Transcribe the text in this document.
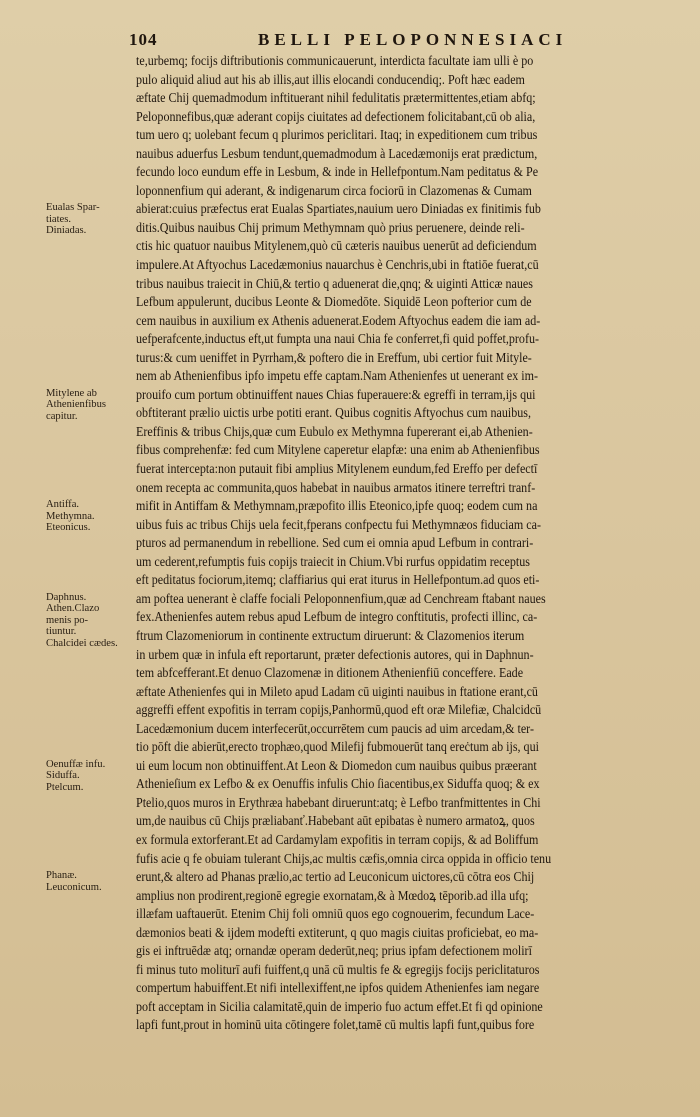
104	BELLI PELOPONNESIACI
Eualas Spar-
tiates.
Diniadas.
Mitylene ab
Athenienfibus
capitur.
Antiffa.
Methymna.
Eteonicus.
Daphnus.
Athen.Clazo
menis po-
tiuntur.
Chalcidei cædes.
Oenuffæ infu.
Siduffa.
Ptelcum.
Phanæ.
Leuconicum.
te,urbemq; focijs diftributionis communicauerunt, interdicta facultate iam ulli è po
pulo aliquid aliud aut his ab illis,aut illis elocandi conducendiq;. Poft hæc eadem
æftate Chij quemadmodum inftituerant nihil fedulitatis prætermittentes,etiam abfq;
Peloponnefibus,quæ aderant copijs ciuitates ad defectionem folicitabant,cū ob alia,
tum uero q; uolebant fecum q plurimos periclitari. Itaq; in expeditionem cum tribus
nauibus aduerfus Lesbum tendunt,quemadmodum à Lacedæmonijs erat prædictum,
fecundo loco eundum effe in Lesbum, & inde in Hellefpontum.Nam peditatus & Pe
loponnenfium qui aderant, & indigenarum circa fociorū in Clazomenas & Cumam
abierat:cuius præfectus erat Eualas Spartiates,nauium uero Diniadas ex finitimis fub
ditis.Quibus nauibus Chij primum Methymnam quò prius peruenere, deinde reli-
ctis hic quatuor nauibus Mitylenem,quò cū cæteris nauibus uenerūt ad deficiendum
impulere.At Aftyochus Lacedæmonius nauarchus è Cenchris,ubi in ftatiōe fuerat,cū
tribus nauibus traiecit in Chiū,& tertio q aduenerat die,qnq; & uiginti Atticæ naues
Lefbum appulerunt, ducibus Leonte & Diomedōte. Siquidē Leon pofterior cum de
cem nauibus in auxilium ex Athenis aduenerat.Eodem Aftyochus eadem die iam ad-
uefperafcente,inductus eft,ut fumpta una naui Chia fe conferret,fi quid poffet,profu-
turus:& cum ueniffet in Pyrrham,& poftero die in Ereffum, ubi certior fuit Mityle-
nem ab Athenienfibus ipfo impetu effe captam.Nam Athenienfes ut uenerant ex im-
prouifo cum portum obtinuiffent naues Chias fuperauere:& egreffi in terram,ijs qui
obftiterant prælio uictis urbe potiti erant. Quibus cognitis Aftyochus cum nauibus,
Ereffinis & tribus Chijs,quæ cum Eubulo ex Methymna fupererant ei,ab Athenien-
fibus comprehenfæ: fed cum Mitylene caperetur elapfæ: una enim ab Athenienfibus
fuerat intercepta:non putauit fibi amplius Mitylenem eundum,fed Ereffo per defectī
onem recepta ac communita,quos habebat in nauibus armatos itinere terreftri tranf-
mifit in Antiffam & Methymnam,præpofito illis Eteonico,ipfe quoq; eodem cum na
uibus fuis ac tribus Chijs uela fecit,fperans confpectu fui Methymnæos fiduciam ca-
pturos ad permanendum in rebellione. Sed cum ei omnia apud Lefbum in contrari-
um cederent,refumptis fuis copijs traiecit in Chium.Vbi rurfus oppidatim receptus
eft peditatus fociorum,itemq; claffiarius qui erat iturus in Hellefpontum.ad quos eti-
am poftea uenerant è claffe fociali Peloponnenfium,quæ ad Cenchream ftabant naues
fex.Athenienfes autem rebus apud Lefbum de integro conftitutis, profecti illinc, ca-
ftrum Clazomeniorum in continente extructum diruerunt: & Clazomenios iterum
in urbem quæ in infula eft reportarunt, præter defectionis autores, qui in Daphnun-
tem abfcefferant.Et denuo Clazomenæ in ditionem Athenienfiū conceffere. Eade
æftate Athenienfes qui in Mileto apud Ladam cū uiginti nauibus in ftatione erant,cū
aggreffi effent expofitis in terram copijs,Panhormū,quod eft oræ Milefiæ, Chalcidcū
Lacedæmonium ducem interfecerūt,occurrētem cum paucis ad uim arcedam,& ter-
tio pōft die abierūt,erecto trophæo,quod Milefij fubmouerūt tanq ereċtum ab ijs, qui
ui eum locum non obtinuiffent.At Leon & Diomedon cum nauibus quibus præerant
Athenieſium ex Lefbo & ex Oenuffis infulis Chio ſiacentibus,ex Siduffa quoq; & ex
Ptelio,quos muros in Erythræa habebant diruerunt:atq; è Lefbo tranfmittentes in Chi
um,de nauibus cū Chijs præliabanť.Habebant aūt epibatas è numero armatoꝝ, quos
ex formula extorferant.Et ad Cardamylam expofitis in terram copijs, & ad Boliffum
fufis acie q fe obuiam tulerant Chijs,ac multis cæfis,omnia circa oppida in officio tenu
erunt,& altero ad Phanas prælio,ac tertio ad Leuconicum uictores,cū cōtra eos Chij
amplius non prodirent,regionē egregie exornatam,& à Mœdoꝝ tēporib.ad illa ufq;
illæfam uaftauerūt. Etenim Chij foli omniū quos ego cognouerim, fecundum Lace-
dæmonios beati & ijdem modefti extiterunt, q quo magis ciuitas proficiebat, eo ma-
gis ei inftruēdæ atq; ornandæ operam dederūt,neq; prius ipfam defectionem molirī
fi minus tuto moliturī aufi fuiffent,q unā cū multis fe & egregijs focijs periclitaturos
compertum habuiffent.Et nifi intellexiffent,ne ipfos quidem Athenienfes iam negare
poft acceptam in Sicilia calamitatē,quin de imperio fuo actum effet.Et fi qd opinione
lapfi funt,prout in hominū uita cōtingere folet,tamē cū multis lapfi funt,quibus fore
